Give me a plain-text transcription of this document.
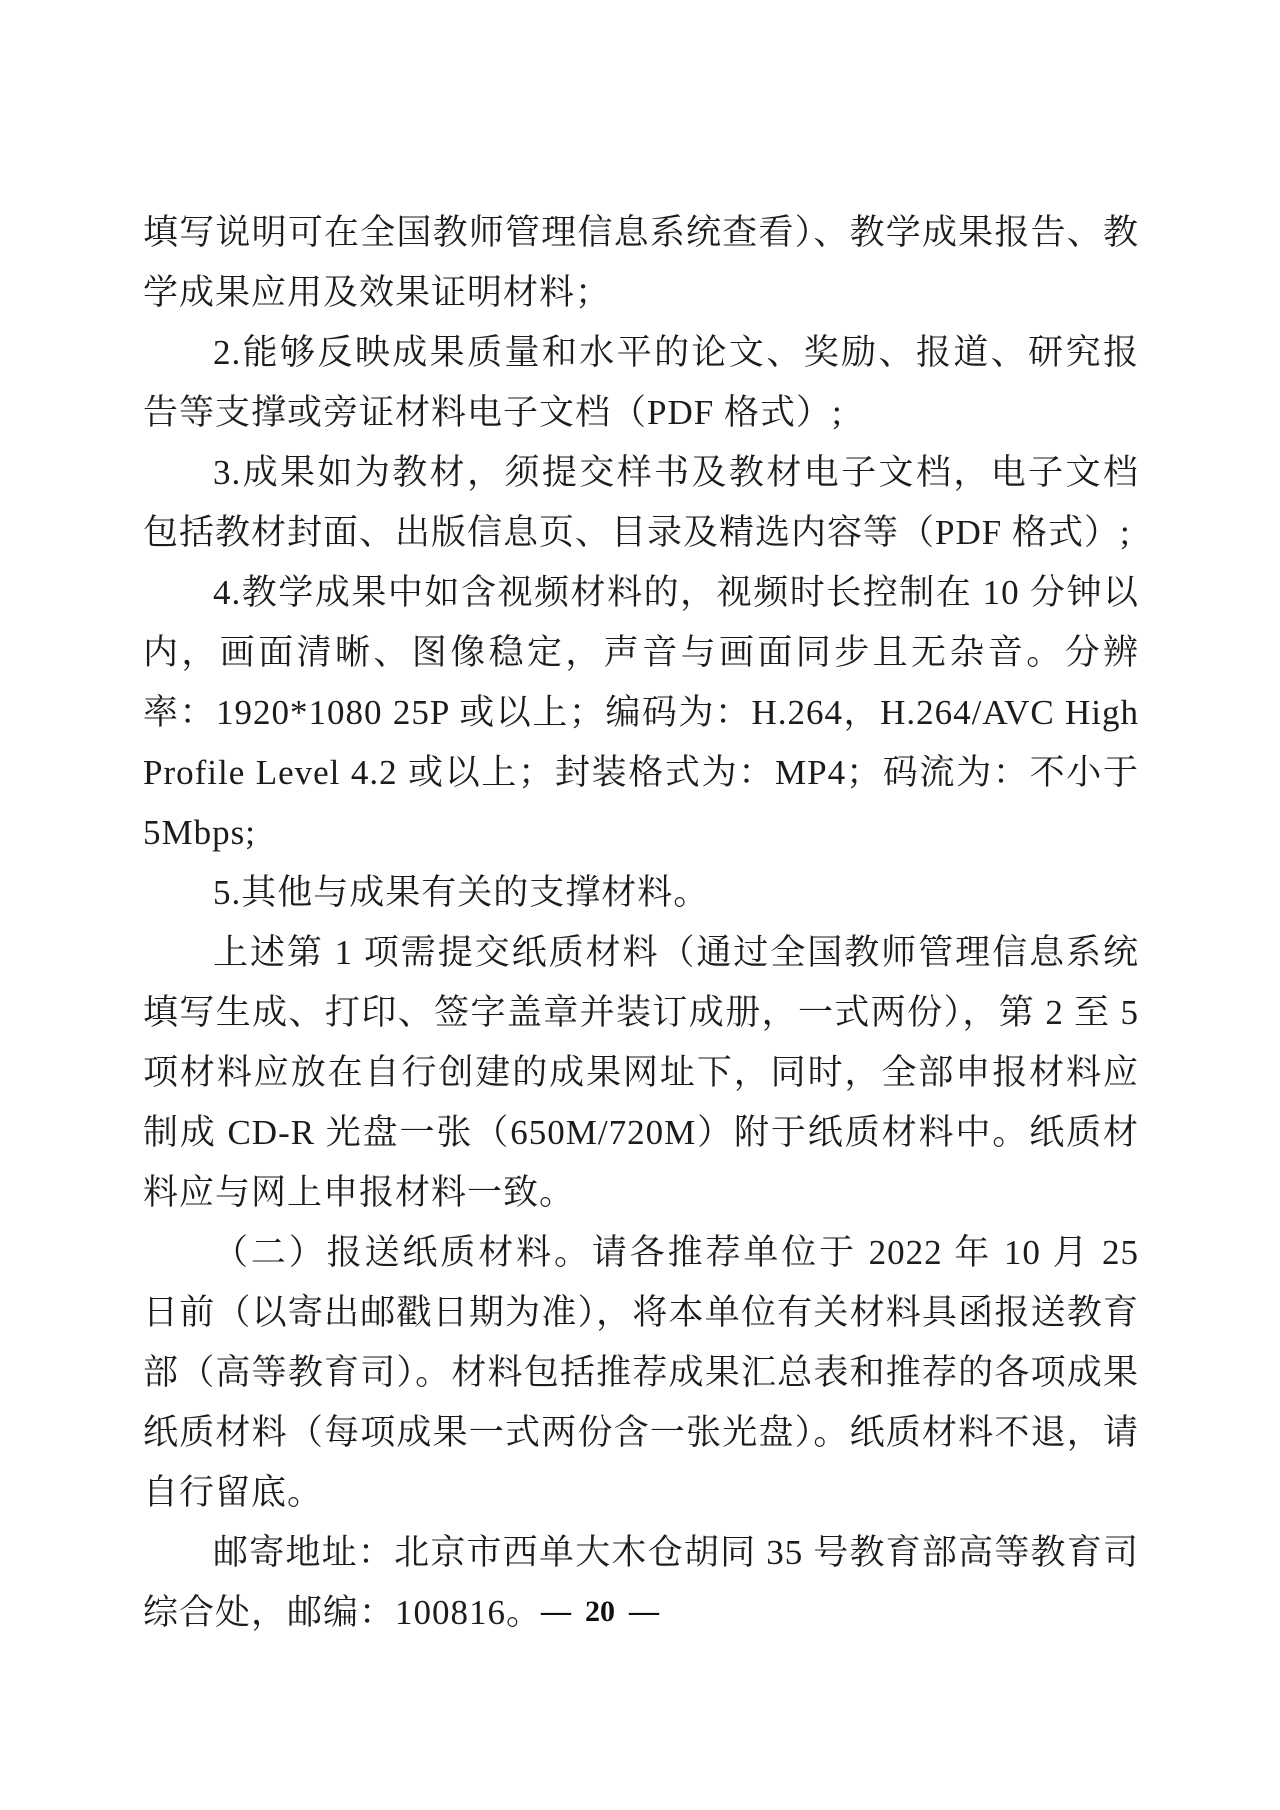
填写说明可在全国教师管理信息系统查看）、教学成果报告、教学成果应用及效果证明材料；

2.能够反映成果质量和水平的论文、奖励、报道、研究报告等支撑或旁证材料电子文档（PDF 格式）;

3.成果如为教材，须提交样书及教材电子文档，电子文档包括教材封面、出版信息页、目录及精选内容等（PDF 格式）;

4.教学成果中如含视频材料的，视频时长控制在 10 分钟以内，画面清晰、图像稳定，声音与画面同步且无杂音。分辨率：1920*1080 25P 或以上；编码为：H.264，H.264/AVC High Profile Level 4.2 或以上；封装格式为：MP4；码流为：不小于 5Mbps;

5.其他与成果有关的支撑材料。

上述第 1 项需提交纸质材料（通过全国教师管理信息系统填写生成、打印、签字盖章并装订成册，一式两份），第 2 至 5 项材料应放在自行创建的成果网址下，同时，全部申报材料应制成 CD-R 光盘一张（650M/720M）附于纸质材料中。纸质材料应与网上申报材料一致。

（二）报送纸质材料。请各推荐单位于 2022 年 10 月 25 日前（以寄出邮戳日期为准），将本单位有关材料具函报送教育部（高等教育司）。材料包括推荐成果汇总表和推荐的各项成果纸质材料（每项成果一式两份含一张光盘）。纸质材料不退，请自行留底。

邮寄地址：北京市西单大木仓胡同 35 号教育部高等教育司综合处，邮编：100816。

— 20 —
